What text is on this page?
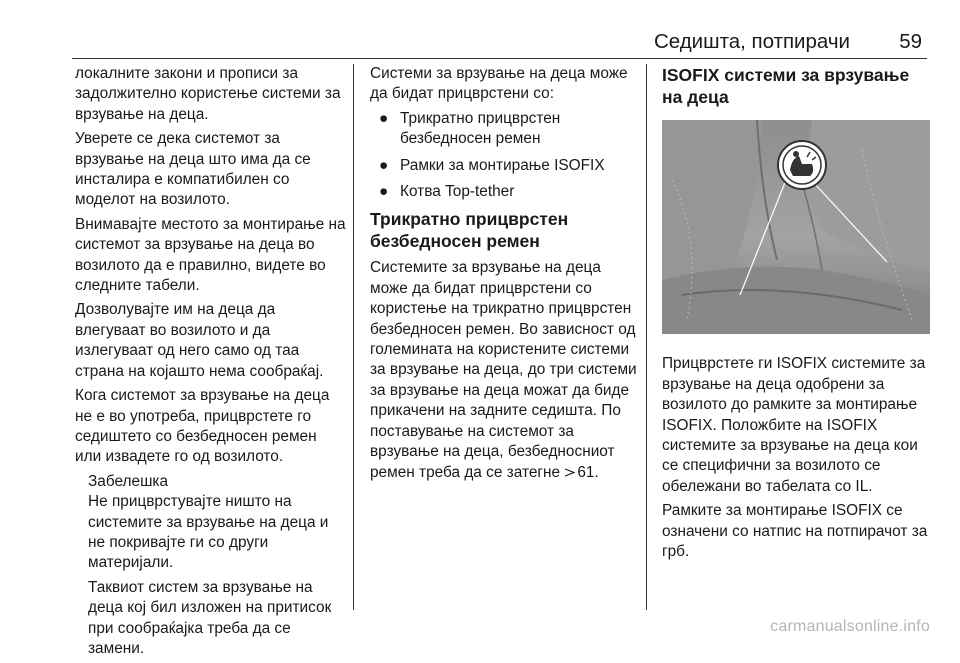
Седишта, потпирачи 59

локалните закони и прописи за задолжително користење системи за врзување на деца.

Уверете се дека системот за врзување на деца што има да се инсталира е компатибилен со моделот на возилото.

Внимавајте местото за монтирање на системот за врзување на деца во возилото да е правилно, видете во следните табели.

Дозволувајте им на деца да влегуваат во возилото и да излегуваат од него само од таа страна на којашто нема сообраќај.

Кога системот за врзување на деца не е во употреба, прицврстете го седиштето со безбедносен ремен или извадете го од возилото.

Забелешка

Не прицврстувајте ништо на системите за врзување на деца и не покривајте ги со други материјали.

Таквиот систем за врзување на деца кој бил изложен на притисок при сообраќајка треба да се замени.

Системи за врзување на деца може да бидат прицврстени со:

● Трикратно прицврстен безбедносен ремен
● Рамки за монтирање ISOFIX
● Котва Top-tether
Трикратно прицврстен безбедносен ремен

Системите за врзување на деца може да бидат прицврстени со користење на трикратно прицврстен безбедносен ремен. Во зависност од големината на користените системи за врзување на деца, до три системи за врзување на деца можат да биде прикачени на задните седишта. По поставување на системот за врзување на деца, безбедносниот ремен треба да се затегне 61.

ISOFIX системи за врзување на деца

Прицврстете ги ISOFIX системите за врзување на деца одобрени за возилото до рамките за монтирање ISOFIX. Положбите на ISOFIX системите за врзување на деца кои се специфични за возилото се обележани во табелата со IL.

Рамките за монтирање ISOFIX се означени со натпис на потпирачот за грб.

carmanualsonline.info
